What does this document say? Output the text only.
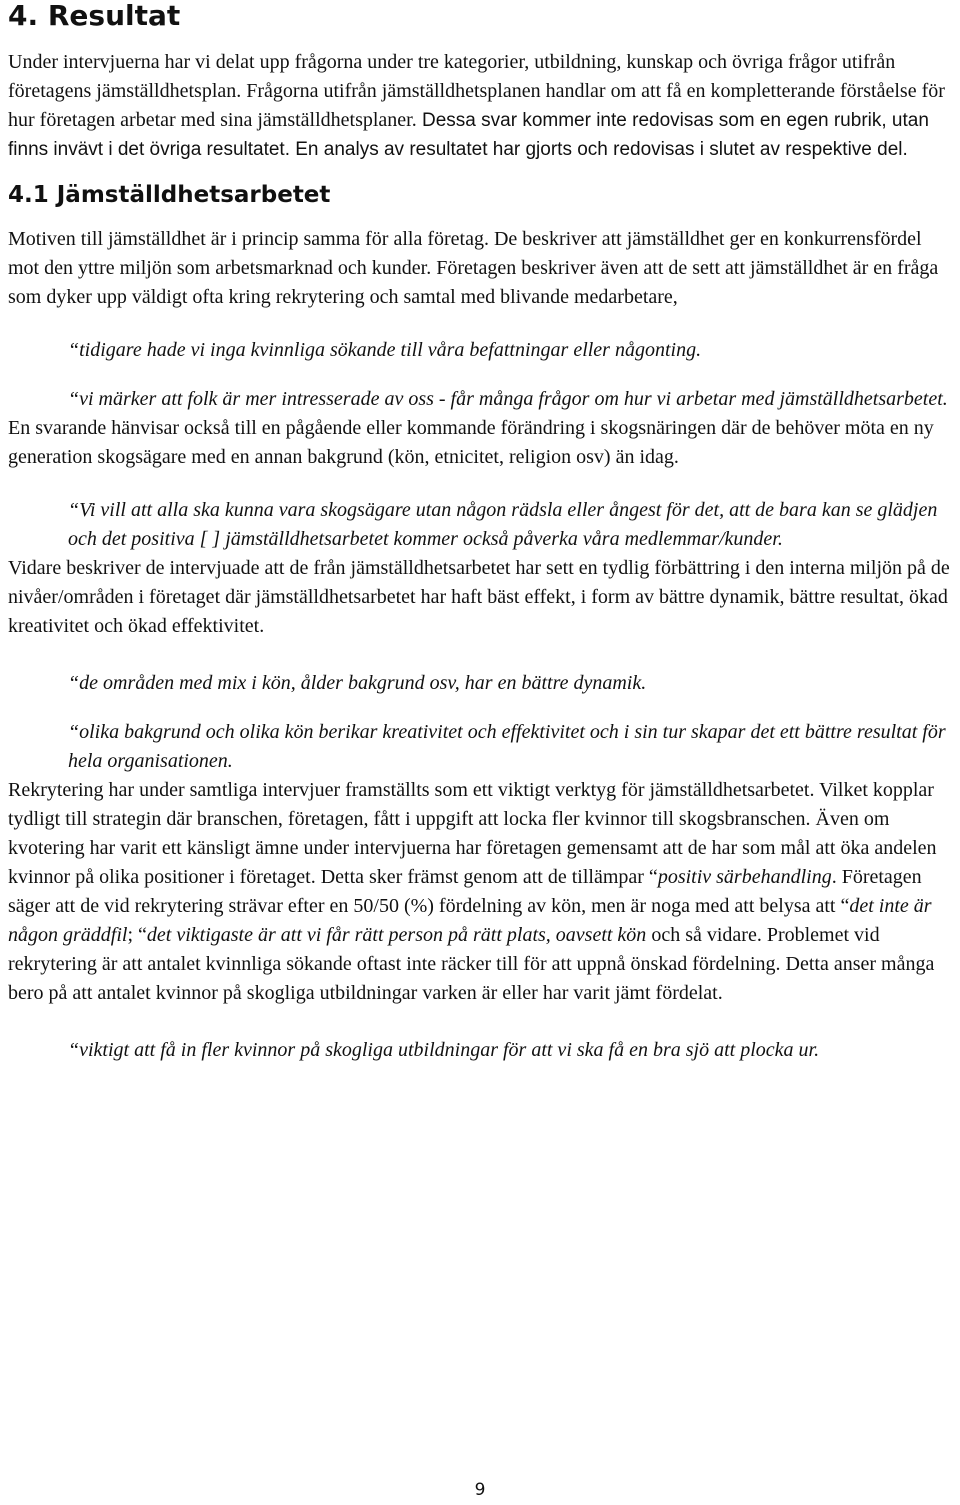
4. Resultat

Under intervjuerna har vi delat upp frågorna under tre kategorier, utbildning, kunskap och övriga frågor utifrån företagens jämställdhetsplan. Frågorna utifrån jämställdhetsplanen handlar om att få en kompletterande förståelse för hur företagen arbetar med sina jämställdhetsplaner. Dessa svar kommer inte redovisas som en egen rubrik, utan finns invävt i det övriga resultatet. En analys av resultatet har gjorts och redovisas i slutet av respektive del.

4.1 Jämställdhetsarbetet

Motiven till jämställdhet är i princip samma för alla företag. De beskriver att jämställdhet ger en konkurrensfördel mot den yttre miljön som arbetsmarknad och kunder. Företagen beskriver även att de sett att jämställdhet är en fråga som dyker upp väldigt ofta kring rekrytering och samtal med blivande medarbetare,

“tidigare hade vi inga kvinnliga sökande till våra befattningar eller någonting.

“vi märker att folk är mer intresserade av oss - får många frågor om hur vi arbetar med jämställdhetsarbetet.

En svarande hänvisar också till en pågående eller kommande förändring i skogsnäringen där de behöver möta en ny generation skogsägare med en annan bakgrund (kön, etnicitet, religion osv) än idag.

“Vi vill att alla ska kunna vara skogsägare utan någon rädsla eller ångest för det, att de bara kan se glädjen och det positiva [ ] jämställdhetsarbetet kommer också påverka våra medlemmar/kunder.

Vidare beskriver de intervjuade att de från jämställdhetsarbetet har sett en tydlig förbättring i den interna miljön på de nivåer/områden i företaget där jämställdhetsarbetet har haft bäst effekt, i form av bättre dynamik, bättre resultat, ökad kreativitet och ökad effektivitet.

“de områden med mix i kön, ålder bakgrund osv, har en bättre dynamik.

“olika bakgrund och olika kön berikar kreativitet och effektivitet och i sin tur skapar det ett bättre resultat för hela organisationen.

Rekrytering har under samtliga intervjuer framställts som ett viktigt verktyg för jämställdhetsarbetet. Vilket kopplar tydligt till strategin där branschen, företagen, fått i uppgift att locka fler kvinnor till skogsbranschen. Även om kvotering har varit ett känsligt ämne under intervjuerna har företagen gemensamt att de har som mål att öka andelen kvinnor på olika positioner i företaget. Detta sker främst genom att de tillämpar “positiv särbehandling. Företagen säger att de vid rekrytering strävar efter en 50/50 (%) fördelning av kön, men är noga med att belysa att “det inte är någon gräddfil; “det viktigaste är att vi får rätt person på rätt plats, oavsett kön och så vidare. Problemet vid rekrytering är att antalet kvinnliga sökande oftast inte räcker till för att uppnå önskad fördelning. Detta anser många bero på att antalet kvinnor på skogliga utbildningar varken är eller har varit jämt fördelat.

“viktigt att få in fler kvinnor på skogliga utbildningar för att vi ska få en bra sjö att plocka ur.

9
